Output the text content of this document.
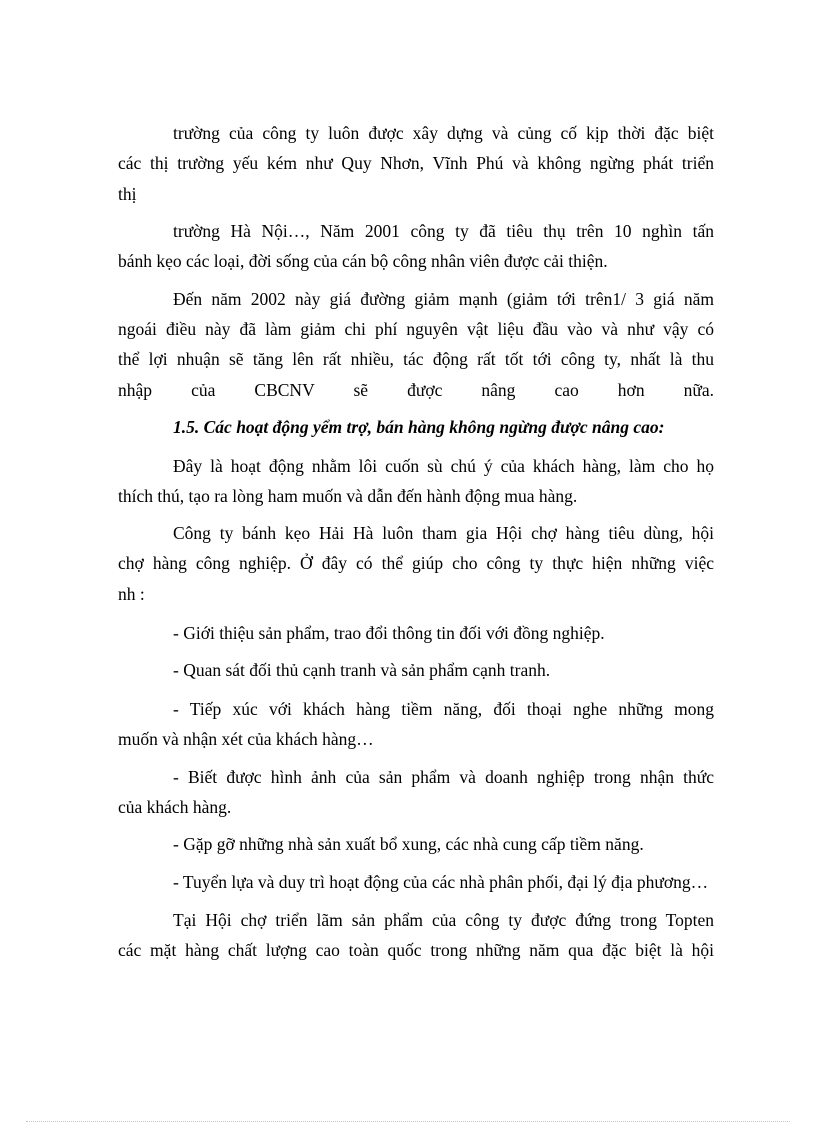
trường của công ty luôn được xây dựng và củng cố kịp thời đặc biệt
các thị trường yếu kém như Quy Nhơn, Vĩnh Phú và không ngừng phát triển
thị
trường Hà Nội…, Năm 2001 công ty đã tiêu thụ trên 10 nghìn tấn
bánh kẹo các loại, đời sống của cán bộ công nhân viên được cải thiện.
Đến năm 2002 này giá đường giảm mạnh (giảm tới trên1/ 3 giá năm
ngoái điều này đã làm giảm chi phí nguyên vật liệu đầu vào và như vậy có
thể lợi nhuận sẽ tăng lên rất nhiều, tác động rất tốt tới công ty, nhất là thu
nhập của CBCNV sẽ được nâng cao hơn nữa.
1.5. Các hoạt động yểm trợ, bán hàng không ngừng được nâng cao:
Đây là hoạt động nhằm lôi cuốn sù chú ý của khách hàng, làm cho họ
thích thú, tạo ra lòng ham muốn và dẫn đến hành động mua hàng.
Công ty bánh kẹo Hải Hà luôn tham gia Hội chợ hàng tiêu dùng, hội
chợ hàng công nghiệp. Ở đây có thể giúp cho công ty thực hiện những việc
nh :
- Giới thiệu sản phẩm, trao đổi thông tin đối với đồng nghiệp.
- Quan sát đối thủ cạnh tranh và sản phẩm cạnh tranh.
- Tiếp xúc với khách hàng tiềm năng, đối thoại nghe những mong
muốn và nhận xét của khách hàng…
- Biết được hình ảnh của sản phẩm và doanh nghiệp trong nhận thức
của khách hàng.
- Gặp gỡ những nhà sản xuất bổ xung, các nhà cung cấp tiềm năng.
- Tuyển lựa và duy trì hoạt động của các nhà phân phối, đại lý địa phương…
Tại Hội chợ triển lãm sản phẩm của công ty được đứng trong Topten
các mặt hàng chất lượng cao toàn quốc trong những năm qua đặc biệt là hội
